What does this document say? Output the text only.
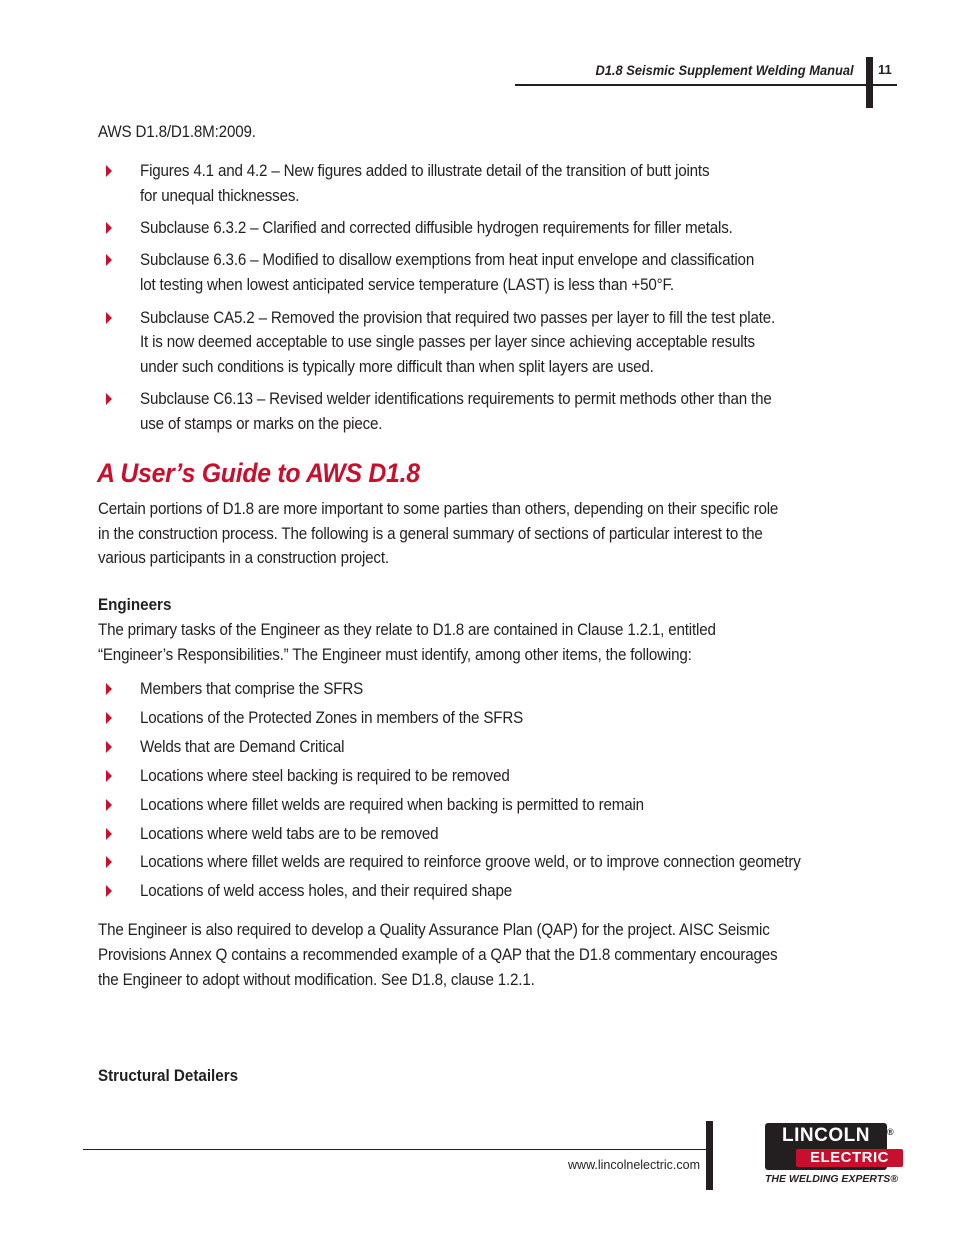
D1.8 Seismic Supplement Welding Manual 11
AWS D1.8/D1.8M:2009.
Figures 4.1 and 4.2 – New figures added to illustrate detail of the transition of butt joints
for unequal thicknesses.
Subclause 6.3.2 – Clarified and corrected diffusible hydrogen requirements for filler metals.
Subclause 6.3.6 – Modified to disallow exemptions from heat input envelope and classification
lot testing when lowest anticipated service temperature (LAST) is less than +50°F.
Subclause CA5.2 – Removed the provision that required two passes per layer to fill the test plate.
It is now deemed acceptable to use single passes per layer since achieving acceptable results
under such conditions is typically more difficult than when split layers are used.
Subclause C6.13 – Revised welder identifications requirements to permit methods other than the
use of stamps or marks on the piece.
A User’s Guide to AWS D1.8
Certain portions of D1.8 are more important to some parties than others, depending on their specific role
in the construction process. The following is a general summary of sections of particular interest to the
various participants in a construction project.
Engineers
The primary tasks of the Engineer as they relate to D1.8 are contained in Clause 1.2.1, entitled
“Engineer’s Responsibilities.” The Engineer must identify, among other items, the following:
Members that comprise the SFRS
Locations of the Protected Zones in members of the SFRS
Welds that are Demand Critical
Locations where steel backing is required to be removed
Locations where fillet welds are required when backing is permitted to remain
Locations where weld tabs are to be removed
Locations where fillet welds are required to reinforce groove weld, or to improve connection geometry
Locations of weld access holes, and their required shape
The Engineer is also required to develop a Quality Assurance Plan (QAP) for the project. AISC Seismic
Provisions Annex Q contains a recommended example of a QAP that the D1.8 commentary encourages
the Engineer to adopt without modification. See D1.8, clause 1.2.1.
Structural Detailers
www.lincolnelectric.com
LINCOLN
ELECTRIC
®
THE WELDING EXPERTS®
